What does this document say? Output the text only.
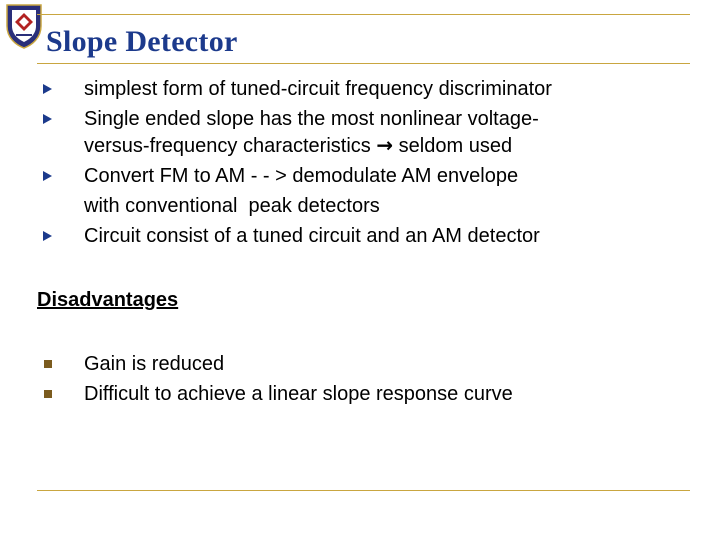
Slope Detector
simplest form of tuned-circuit frequency discriminator
Single ended slope has the most nonlinear voltage-
versus-frequency characteristics → seldom used
Convert FM to AM - - > demodulate AM envelope
with conventional  peak detectors
Circuit consist of a tuned circuit and an AM detector
Disadvantages
Gain is reduced
Difficult to achieve a linear slope response curve
